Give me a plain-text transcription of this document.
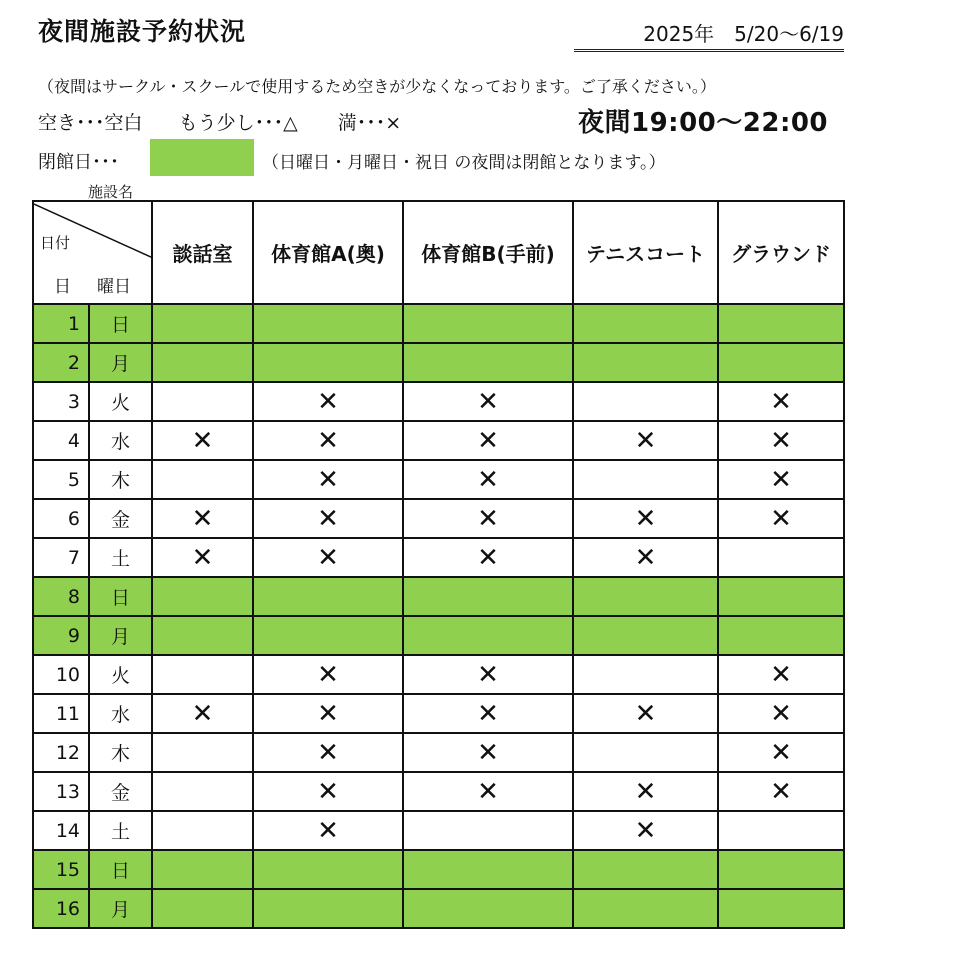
夜間施設予約状況	2025年　5/20～6/19
（夜間はサークル・スクールで使用するため空きが少なくなっております。ご了承ください。）
空き･･･空白 もう少し･･･△ 満･･･×	夜間19:00～22:00
閉館日･･･	（日曜日・月曜日・祝日 の夜間は閉館となります。）
施設名
日付
日 曜日		談話室	体育館A(奥)	体育館B(手前)	テニスコート	グラウンド
1	日					
2	月					
3	火		✕	✕		✕
4	水	✕	✕	✕	✕	✕
5	木		✕	✕		✕
6	金	✕	✕	✕	✕	✕
7	土	✕	✕	✕	✕	
8	日					
9	月					
10	火		✕	✕		✕
11	水	✕	✕	✕	✕	✕
12	木		✕	✕		✕
13	金		✕	✕	✕	✕
14	土		✕		✕	
15	日					
16	月					
